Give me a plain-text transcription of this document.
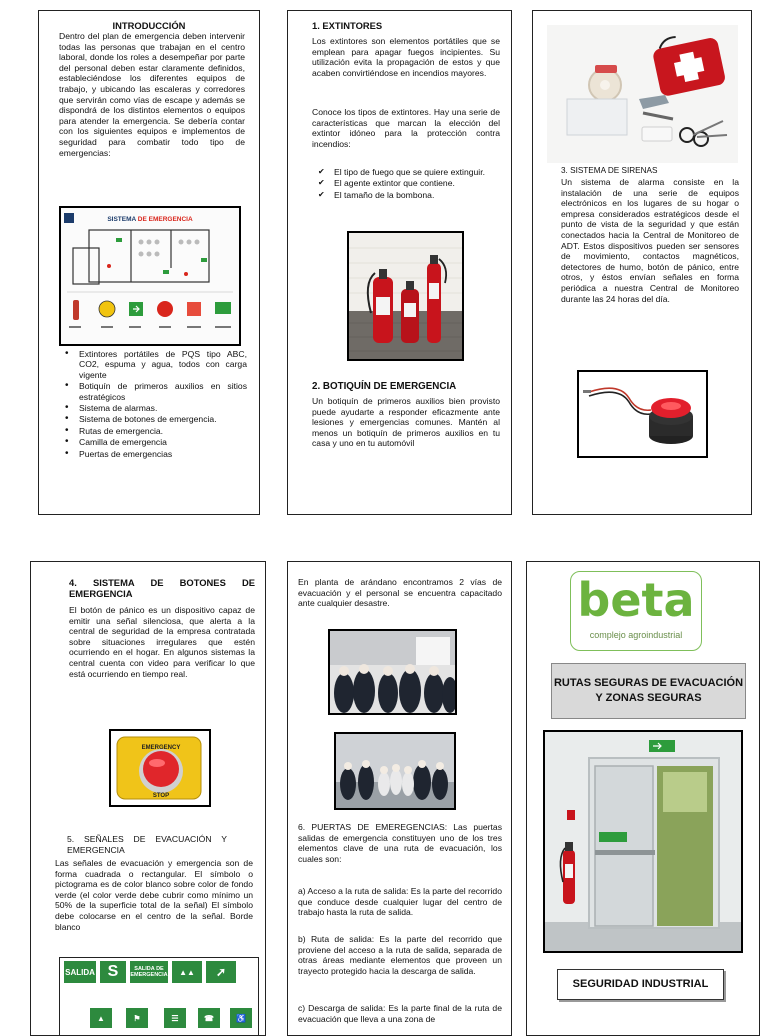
INTRODUCCIÓN
Dentro del plan de emergencia deben intervenir todas las personas que trabajan en el centro laboral, donde los roles a desempeñar por parte del personal deben estar claramente definidos, estableciéndose los diferentes equipos de trabajo, y ubicando las escaleras y corredores que servirán como vías de escape y además se dispondrá de los distintos elementos o equipos para atender la emergencia. Se debería contar con los siguientes equipos e implementos de seguridad para combatir todo tipo de emergencias:
SISTEMA DE EMERGENCIA
• Extintores portátiles de PQS tipo ABC, CO2, espuma y agua, todos con carga vigente
• Botiquín de primeros auxilios en sitios estratégicos
• Sistema de alarmas.
• Sistema de botones de emergencia.
• Rutas de emergencia.
• Camilla de emergencia
• Puertas de emergencias
1. EXTINTORES
Los extintores son elementos portátiles que se emplean para apagar fuegos incipientes. Su utilización evita la propagación de estos y que acaben convirtiéndose en incendios mayores.
Conoce los tipos de extintores. Hay una serie de características que marcan la elección del extintor idóneo para la protección contra incendios:
✔ El tipo de fuego que se quiere extinguir.
✔ El agente extintor que contiene.
✔ El tamaño de la bombona.
2. BOTIQUÍN DE EMERGENCIA
Un botiquín de primeros auxilios bien provisto puede ayudarte a responder eficazmente ante lesiones y emergencias comunes. Mantén al menos un botiquín de primeros auxilios en tu casa y uno en tu automóvil
3. SISTEMA DE SIRENAS
Un sistema de alarma consiste en la instalación de una serie de equipos electrónicos en los lugares de su hogar o empresa considerados estratégicos desde el punto de vista de la seguridad y que están conectados hacia la Central de Monitoreo de ADT. Estos dispositivos pueden ser sensores de movimiento, contactos magnéticos, detectores de humo, botón de pánico, entre otros, y éstos envían señales en forma periódica a nuestra Central de Monitoreo durante las 24 horas del día.
4. SISTEMA DE BOTONES DE EMERGENCIA
El botón de pánico es un dispositivo capaz de emitir una señal silenciosa, que alerta a la central de seguridad de la empresa contratada sobre situaciones irregulares que estén ocurriendo en el hogar. En algunos sistemas la central cuenta con video para verificar lo que está ocurriendo en tiempo real.
EMERGENCY
STOP
5. SEÑALES DE EVACUACIÓN Y EMERGENCIA
Las señales de evacuación y emergencia son de forma cuadrada o rectangular. El símbolo o pictograma es de color blanco sobre color de fondo verde (el color verde debe cubrir como mínimo un 50% de la superficie total de la señal) El símbolo debe colocarse en el centro de la señal. Borde blanco
SALIDA S	SALIDA DE EMERGENCIA	▲▲	➚
▲	⚑	☰	☎	♿
En planta de arándano encontramos 2 vías de evacuación y el personal se encuentra capacitado ante cualquier desastre.
6. PUERTAS DE EMEREGENCIAS: Las puertas salidas de emergencia constituyen uno de los tres elementos clave de una ruta de evacuación, los cuales son:
a) Acceso a la ruta de salida: Es la parte del recorrido que conduce desde cualquier lugar del centro de trabajo hasta la ruta de salida.
b) Ruta de salida: Es la parte del recorrido que proviene del acceso a la ruta de salida, separada de otras áreas mediante elementos que proveen un trayecto protegido hacia la descarga de salida.
c) Descarga de salida: Es la parte final de la ruta de evacuación que lleva a una zona de
beta
complejo agroindustrial
RUTAS SEGURAS DE EVACUACIÓN Y ZONAS SEGURAS
SEGURIDAD INDUSTRIAL
